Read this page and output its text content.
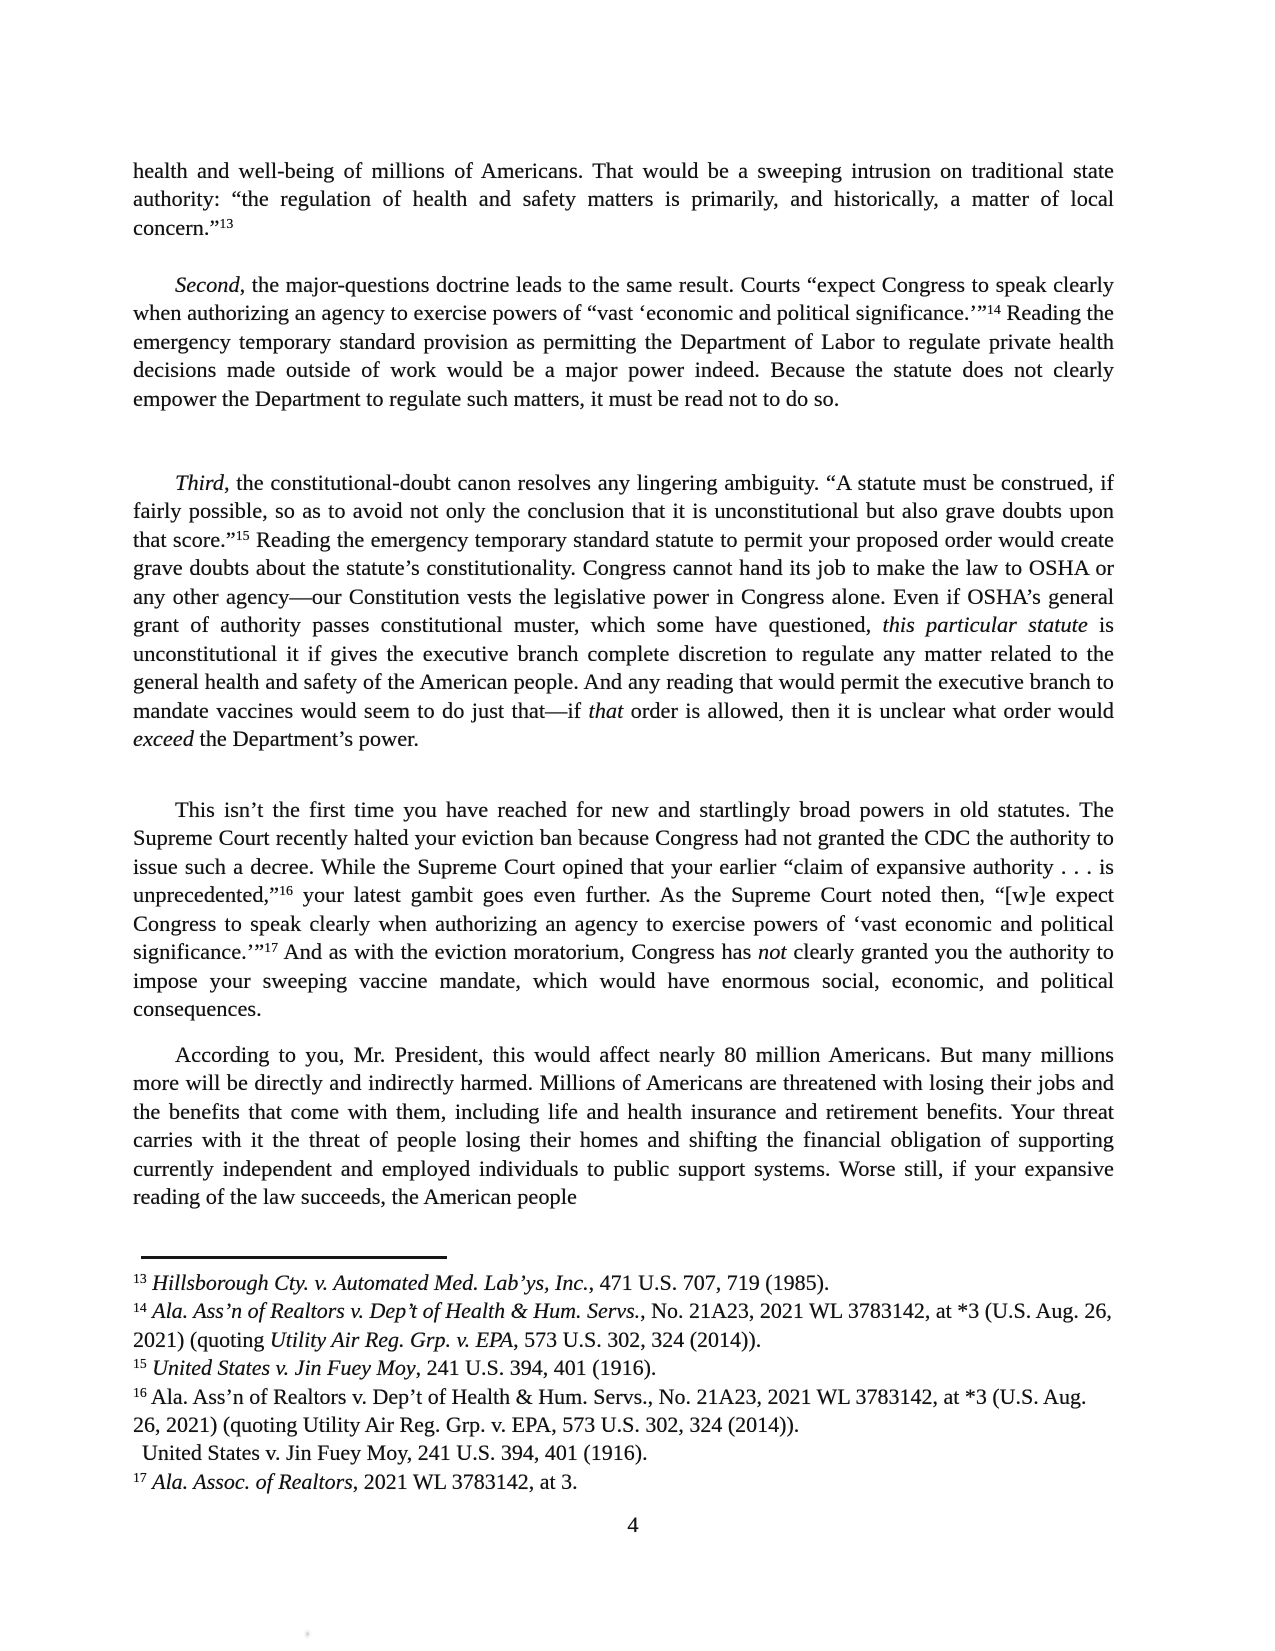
health and well-being of millions of Americans. That would be a sweeping intrusion on traditional state authority: “the regulation of health and safety matters is primarily, and historically, a matter of local concern.”$^{13}$

Second, the major-questions doctrine leads to the same result. Courts “expect Congress to speak clearly when authorizing an agency to exercise powers of “vast ‘economic and political significance.’”$^{14}$ Reading the emergency temporary standard provision as permitting the Department of Labor to regulate private health decisions made outside of work would be a major power indeed. Because the statute does not clearly empower the Department to regulate such matters, it must be read not to do so.

Third, the constitutional-doubt canon resolves any lingering ambiguity. “A statute must be construed, if fairly possible, so as to avoid not only the conclusion that it is unconstitutional but also grave doubts upon that score.”$^{15}$ Reading the emergency temporary standard statute to permit your proposed order would create grave doubts about the statute’s constitutionality. Congress cannot hand its job to make the law to OSHA or any other agency—our Constitution vests the legislative power in Congress alone. Even if OSHA’s general grant of authority passes constitutional muster, which some have questioned, this particular statute is unconstitutional it if gives the executive branch complete discretion to regulate any matter related to the general health and safety of the American people. And any reading that would permit the executive branch to mandate vaccines would seem to do just that—if that order is allowed, then it is unclear what order would exceed the Department’s power.

This isn’t the first time you have reached for new and startlingly broad powers in old statutes. The Supreme Court recently halted your eviction ban because Congress had not granted the CDC the authority to issue such a decree. While the Supreme Court opined that your earlier “claim of expansive authority . . . is unprecedented,”$^{16}$ your latest gambit goes even further. As the Supreme Court noted then, “[w]e expect Congress to speak clearly when authorizing an agency to exercise powers of ‘vast economic and political significance.’”$^{17}$ And as with the eviction moratorium, Congress has not clearly granted you the authority to impose your sweeping vaccine mandate, which would have enormous social, economic, and political consequences.

According to you, Mr. President, this would affect nearly 80 million Americans. But many millions more will be directly and indirectly harmed. Millions of Americans are threatened with losing their jobs and the benefits that come with them, including life and health insurance and retirement benefits. Your threat carries with it the threat of people losing their homes and shifting the financial obligation of supporting currently independent and employed individuals to public support systems. Worse still, if your expansive reading of the law succeeds, the American people

$^{13}$ Hillsborough Cty. v. Automated Med. Lab’ys, Inc., 471 U.S. 707, 719 (1985).
$^{14}$ Ala. Ass’n of Realtors v. Dep’t of Health & Hum. Servs., No. 21A23, 2021 WL 3783142, at *3 (U.S. Aug. 26, 2021) (quoting Utility Air Reg. Grp. v. EPA, 573 U.S. 302, 324 (2014)).
$^{15}$ United States v. Jin Fuey Moy, 241 U.S. 394, 401 (1916).
$^{16}$ Ala. Ass’n of Realtors v. Dep’t of Health & Hum. Servs., No. 21A23, 2021 WL 3783142, at *3 (U.S. Aug. 26, 2021) (quoting Utility Air Reg. Grp. v. EPA, 573 U.S. 302, 324 (2014)).
United States v. Jin Fuey Moy, 241 U.S. 394, 401 (1916).
$^{17}$ Ala. Assoc. of Realtors, 2021 WL 3783142, at 3.
4
